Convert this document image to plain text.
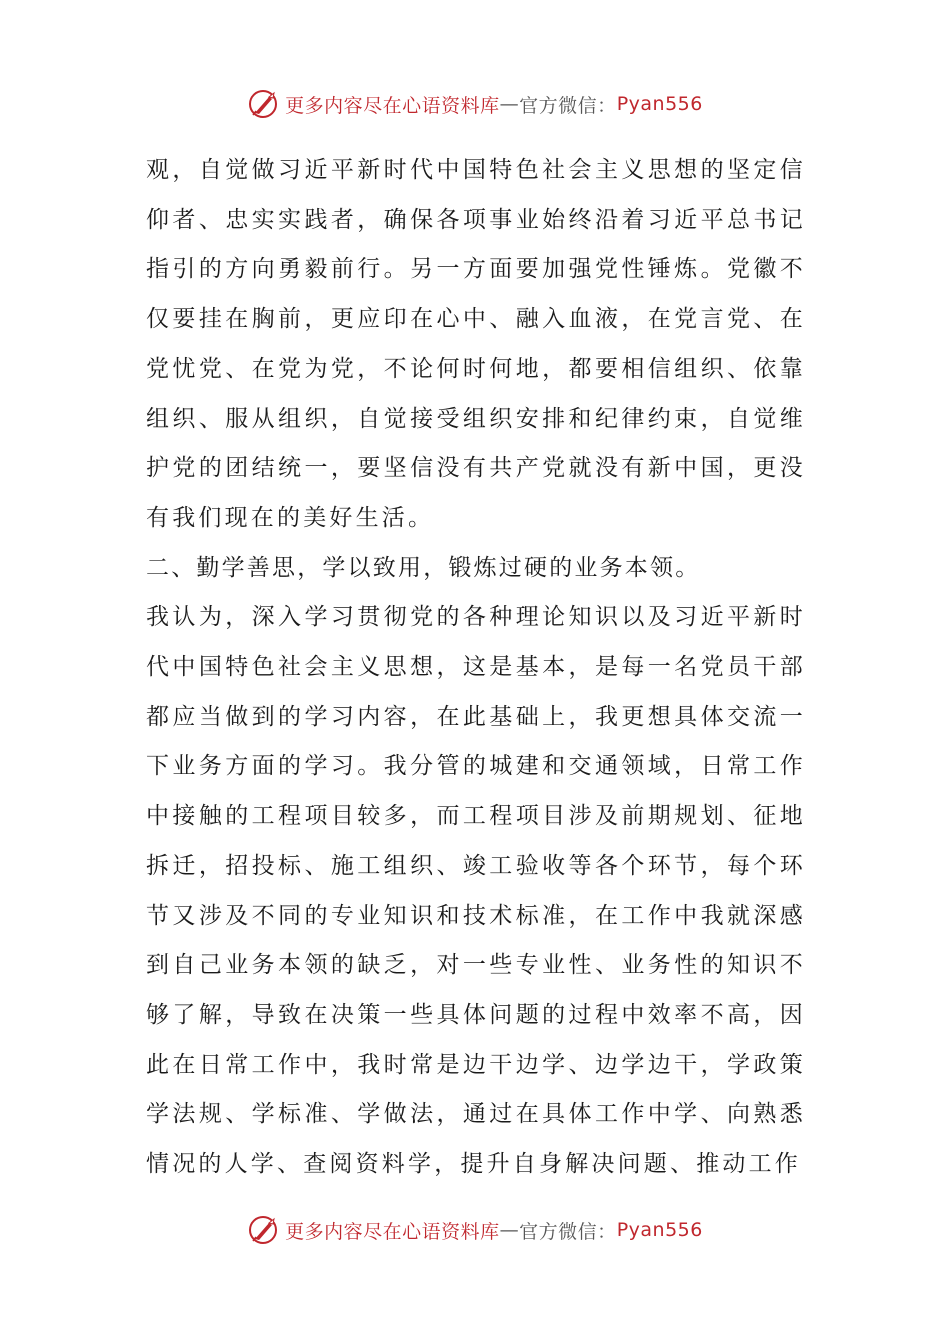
更多内容尽在心语资料库 — 官方微信： Pyan556

观，自觉做习近平新时代中国特色社会主义思想的坚定信仰者、忠实实践者，确保各项事业始终沿着习近平总书记指引的方向勇毅前行。另一方面要加强党性锤炼。党徽不仅要挂在胸前，更应印在心中、融入血液，在党言党、在党忧党、在党为党，不论何时何地，都要相信组织、依靠组织、服从组织，自觉接受组织安排和纪律约束，自觉维护党的团结统一，要坚信没有共产党就没有新中国，更没有我们现在的美好生活。

二、勤学善思，学以致用，锻炼过硬的业务本领。

我认为，深入学习贯彻党的各种理论知识以及习近平新时代中国特色社会主义思想，这是基本，是每一名党员干部都应当做到的学习内容，在此基础上，我更想具体交流一下业务方面的学习。我分管的城建和交通领域，日常工作中接触的工程项目较多，而工程项目涉及前期规划、征地拆迁，招投标、施工组织、竣工验收等各个环节，每个环节又涉及不同的专业知识和技术标准，在工作中我就深感到自己业务本领的缺乏，对一些专业性、业务性的知识不够了解，导致在决策一些具体问题的过程中效率不高，因此在日常工作中，我时常是边干边学、边学边干，学政策学法规、学标准、学做法，通过在具体工作中学、向熟悉情况的人学、查阅资料学，提升自身解决问题、推动工作

更多内容尽在心语资料库 — 官方微信： Pyan556
